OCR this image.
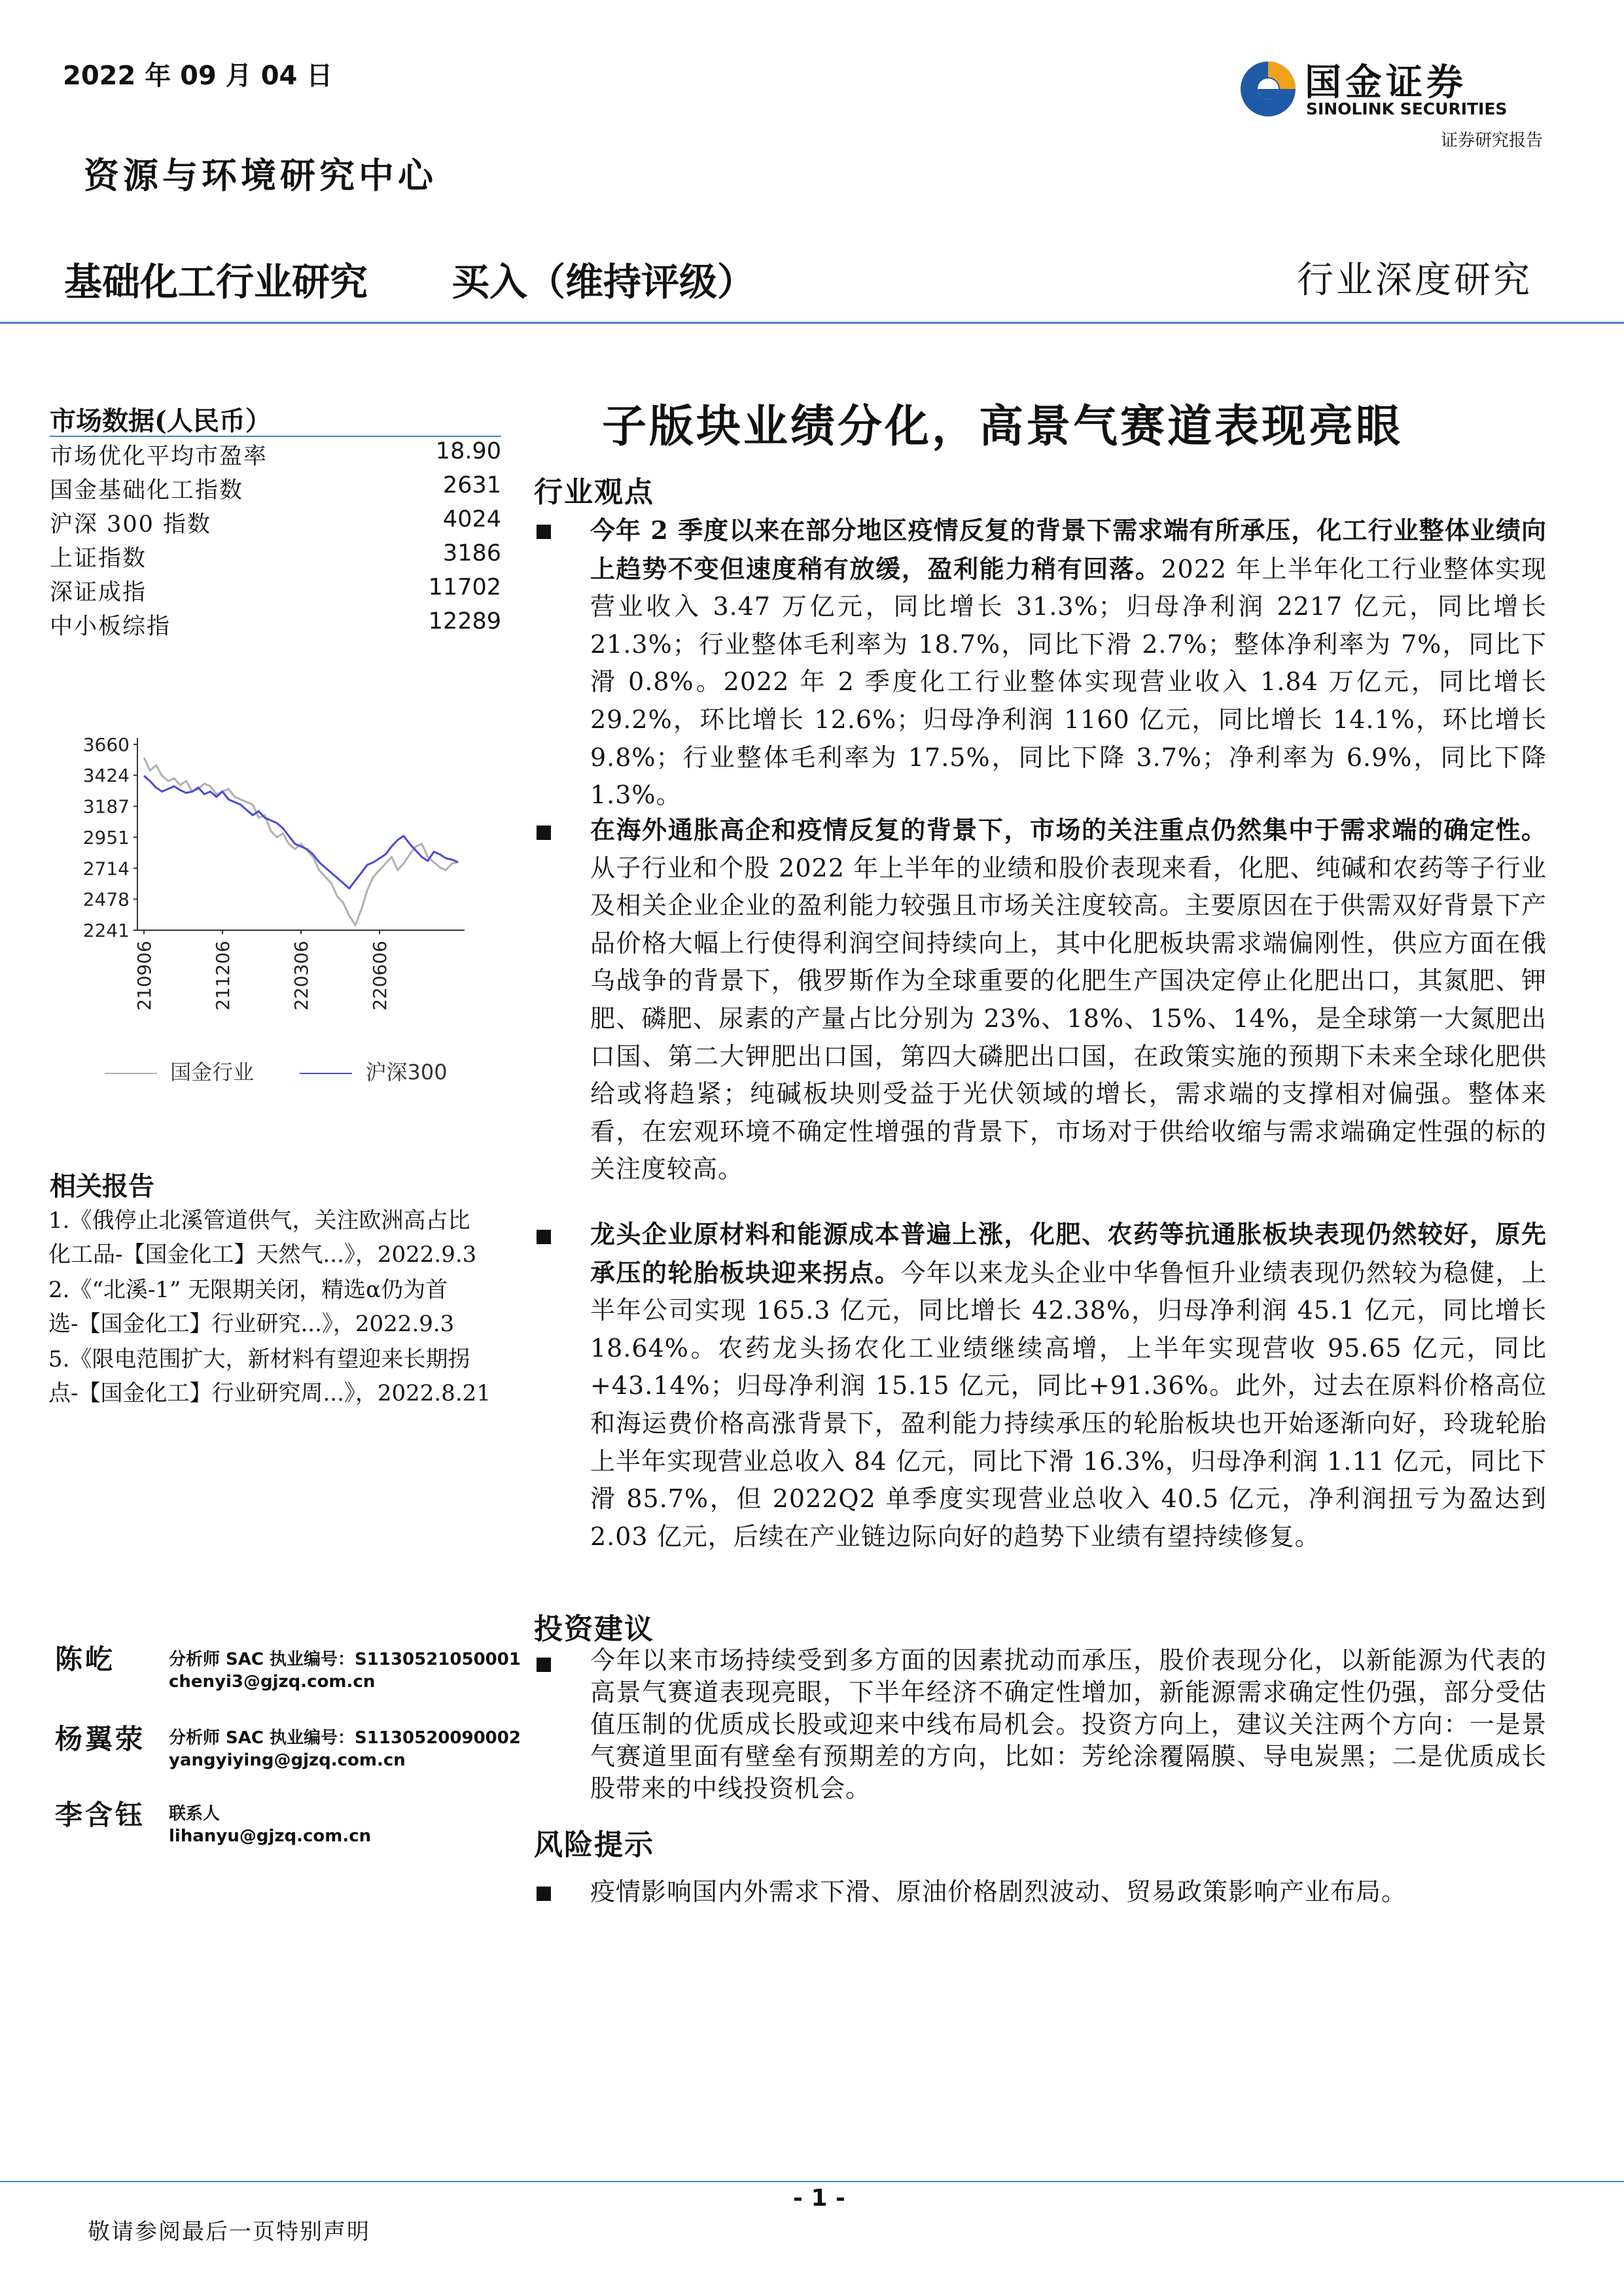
2022 年 09 月 04 日
资源与环境研究中心
国金证券
SINOLINK SECURITIES
证券研究报告
基础化工行业研究 买入（维持评级）	行业深度研究
市场数据(人民币）
市场优化平均市盈率	18.90
国金基础化工指数	2631
沪深 300 指数	4024
上证指数	3186
深证成指	11702
中小板综指	12289
3660
3424
3187
2951
2714
2478
2241
210906	211206	220306	220606
国金行业	沪深300
相关报告
1.《俄停止北溪管道供气，关注欧洲高占比
化工品-【国金化工】天然气...》，2022.9.3
2.《“北溪-1” 无限期关闭，精选α仍为首
选-【国金化工】行业研究...》，2022.9.3
5.《限电范围扩大，新材料有望迎来长期拐
点-【国金化工】行业研究周...》，2022.8.21
陈屹	分析师 SAC 执业编号：S1130521050001
chenyi3@gjzq.com.cn
杨翼荥 分析师 SAC 执业编号：S1130520090002
yangyiying@gjzq.com.cn
李含钰 联系人
lihanyu@gjzq.com.cn
子版块业绩分化，高景气赛道表现亮眼
行业观点
今年 2 季度以来在部分地区疫情反复的背景下需求端有所承压，化工行业整体业绩向上趋势不变但速度稍有放缓，盈利能力稍有回落。2022 年上半年化工行业整体实现营业收入 3.47 万亿元，同比增长 31.3%；归母净利润 2217 亿元，同比增长 21.3%；行业整体毛利率为 18.7%，同比下滑 2.7%；整体净利率为 7%，同比下滑 0.8%。2022 年 2 季度化工行业整体实现营业收入 1.84 万亿元，同比增长 29.2%，环比增长 12.6%；归母净利润 1160 亿元，同比增长 14.1%，环比增长 9.8%；行业整体毛利率为 17.5%，同比下降 3.7%；净利率为 6.9%，同比下降 1.3%。
在海外通胀高企和疫情反复的背景下，市场的关注重点仍然集中于需求端的确定性。从子行业和个股 2022 年上半年的业绩和股价表现来看，化肥、纯碱和农药等子行业及相关企业企业的盈利能力较强且市场关注度较高。主要原因在于供需双好背景下产品价格大幅上行使得利润空间持续向上，其中化肥板块需求端偏刚性，供应方面在俄乌战争的背景下，俄罗斯作为全球重要的化肥生产国决定停止化肥出口，其氮肥、钾肥、磷肥、尿素的产量占比分别为 23%、18%、15%、14%，是全球第一大氮肥出口国、第二大钾肥出口国，第四大磷肥出口国，在政策实施的预期下未来全球化肥供给或将趋紧；纯碱板块则受益于光伏领域的增长，需求端的支撑相对偏强。整体来看，在宏观环境不确定性增强的背景下，市场对于供给收缩与需求端确定性强的标的关注度较高。
龙头企业原材料和能源成本普遍上涨，化肥、农药等抗通胀板块表现仍然较好，原先承压的轮胎板块迎来拐点。今年以来龙头企业中华鲁恒升业绩表现仍然较为稳健，上半年公司实现 165.3 亿元，同比增长 42.38%，归母净利润 45.1 亿元，同比增长 18.64%。农药龙头扬农化工业绩继续高增，上半年实现营收 95.65 亿元，同比+43.14%；归母净利润 15.15 亿元，同比+91.36%。此外，过去在原料价格高位和海运费价格高涨背景下，盈利能力持续承压的轮胎板块也开始逐渐向好，玲珑轮胎上半年实现营业总收入 84 亿元，同比下滑 16.3%，归母净利润 1.11 亿元，同比下滑 85.7%，但 2022Q2 单季度实现营业总收入 40.5 亿元，净利润扭亏为盈达到 2.03 亿元，后续在产业链边际向好的趋势下业绩有望持续修复。
投资建议
今年以来市场持续受到多方面的因素扰动而承压，股价表现分化，以新能源为代表的高景气赛道表现亮眼，下半年经济不确定性增加，新能源需求确定性仍强，部分受估值压制的优质成长股或迎来中线布局机会。投资方向上，建议关注两个方向：一是景气赛道里面有壁垒有预期差的方向，比如：芳纶涂覆隔膜、导电炭黑；二是优质成长股带来的中线投资机会。
风险提示
疫情影响国内外需求下滑、原油价格剧烈波动、贸易政策影响产业布局。
- 1 -
敬请参阅最后一页特别声明
